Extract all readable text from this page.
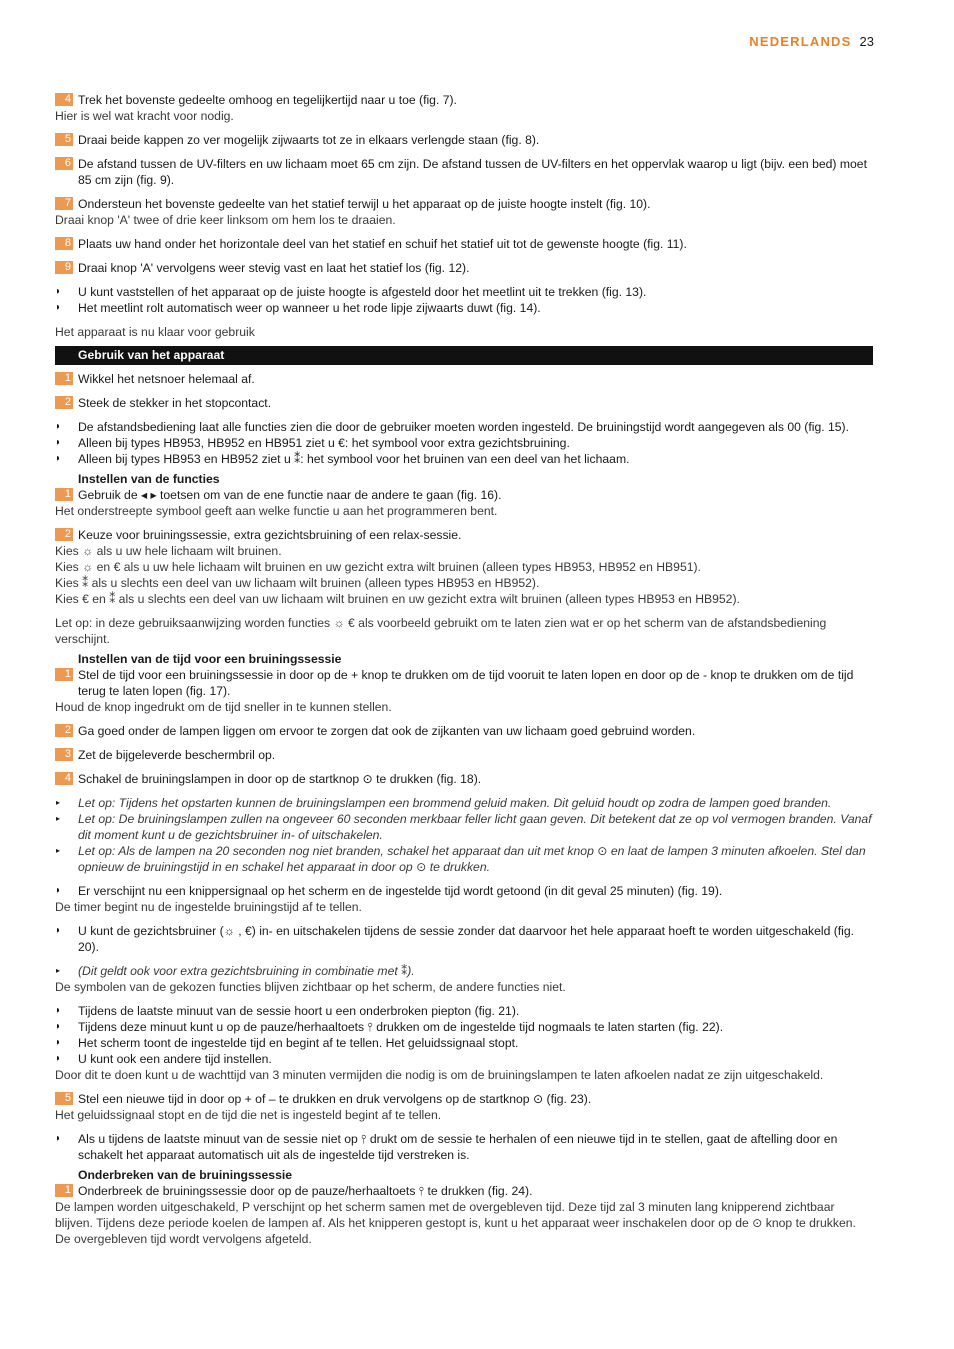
NEDERLANDS 23
4 Trek het bovenste gedeelte omhoog en tegelijkertijd naar u toe (fig. 7).
Hier is wel wat kracht voor nodig.
5 Draai beide kappen zo ver mogelijk zijwaarts tot ze in elkaars verlengde staan (fig. 8).
6 De afstand tussen de UV-filters en uw lichaam moet 65 cm zijn. De afstand tussen de UV-filters en het oppervlak waarop u ligt (bijv. een bed) moet 85 cm zijn (fig. 9).
7 Ondersteun het bovenste gedeelte van het statief terwijl u het apparaat op de juiste hoogte instelt (fig. 10).
Draai knop 'A' twee of drie keer linksom om hem los te draaien.
8 Plaats uw hand onder het horizontale deel van het statief en schuif het statief uit tot de gewenste hoogte (fig. 11).
9 Draai knop 'A' vervolgens weer stevig vast en laat het statief los (fig. 12).
◗ U kunt vaststellen of het apparaat op de juiste hoogte is afgesteld door het meetlint uit te trekken (fig. 13).
◗ Het meetlint rolt automatisch weer op wanneer u het rode lipje zijwaarts duwt (fig. 14).
Het apparaat is nu klaar voor gebruik
Gebruik van het apparaat
1 Wikkel het netsnoer helemaal af.
2 Steek de stekker in het stopcontact.
◗ De afstandsbediening laat alle functies zien die door de gebruiker moeten worden ingesteld. De bruiningstijd wordt aangegeven als 00 (fig. 15).
◗ Alleen bij types HB953, HB952 en HB951 ziet u €: het symbool voor extra gezichtsbruining.
◗ Alleen bij types HB953 en HB952 ziet u ⁑: het symbool voor het bruinen van een deel van het lichaam.
Instellen van de functies
1 Gebruik de ◂ ▸ toetsen om van de ene functie naar de andere te gaan (fig. 16).
Het onderstreepte symbool geeft aan welke functie u aan het programmeren bent.
2 Keuze voor bruiningssessie, extra gezichtsbruining of een relax-sessie.
Kies ☼ als u uw hele lichaam wilt bruinen.
Kies ☼ en € als u uw hele lichaam wilt bruinen en uw gezicht extra wilt bruinen (alleen types HB953, HB952 en HB951).
Kies ⁑ als u slechts een deel van uw lichaam wilt bruinen (alleen types HB953 en HB952).
Kies € en ⁑ als u slechts een deel van uw lichaam wilt bruinen en uw gezicht extra wilt bruinen (alleen types HB953 en HB952).
Let op: in deze gebruiksaanwijzing worden functies ☼ € als voorbeeld gebruikt om te laten zien wat er op het scherm van de afstandsbediening verschijnt.
Instellen van de tijd voor een bruiningssessie
1 Stel de tijd voor een bruiningssessie in door op de + knop te drukken om de tijd vooruit te laten lopen en door op de - knop te drukken om de tijd terug te laten lopen (fig. 17).
Houd de knop ingedrukt om de tijd sneller in te kunnen stellen.
2 Ga goed onder de lampen liggen om ervoor te zorgen dat ook de zijkanten van uw lichaam goed gebruind worden.
3 Zet de bijgeleverde beschermbril op.
4 Schakel de bruiningslampen in door op de startknop ⊙ te drukken (fig. 18).
▸ Let op: Tijdens het opstarten kunnen de bruiningslampen een brommend geluid maken. Dit geluid houdt op zodra de lampen goed branden.
▸ Let op: De bruiningslampen zullen na ongeveer 60 seconden merkbaar feller licht gaan geven. Dit betekent dat ze op vol vermogen branden. Vanaf dit moment kunt u de gezichtsbruiner in- of uitschakelen.
▸ Let op: Als de lampen na 20 seconden nog niet branden, schakel het apparaat dan uit met knop ⊙ en laat de lampen 3 minuten afkoelen. Stel dan opnieuw de bruiningstijd in en schakel het apparaat in door op ⊙ te drukken.
◗ Er verschijnt nu een knippersignaal op het scherm en de ingestelde tijd wordt getoond (in dit geval 25 minuten) (fig. 19).
De timer begint nu de ingestelde bruiningstijd af te tellen.
◗ U kunt de gezichtsbruiner (☼ , €) in- en uitschakelen tijdens de sessie zonder dat daarvoor het hele apparaat hoeft te worden uitgeschakeld (fig. 20).
▸ (Dit geldt ook voor extra gezichtsbruining in combinatie met ⁑).
De symbolen van de gekozen functies blijven zichtbaar op het scherm, de andere functies niet.
◗ Tijdens de laatste minuut van de sessie hoort u een onderbroken piepton (fig. 21).
◗ Tijdens deze minuut kunt u op de pauze/herhaaltoets ⫯ drukken om de ingestelde tijd nogmaals te laten starten (fig. 22).
◗ Het scherm toont de ingestelde tijd en begint af te tellen. Het geluidssignaal stopt.
◗ U kunt ook een andere tijd instellen.
Door dit te doen kunt u de wachttijd van 3 minuten vermijden die nodig is om de bruiningslampen te laten afkoelen nadat ze zijn uitgeschakeld.
5 Stel een nieuwe tijd in door op + of – te drukken en druk vervolgens op de startknop ⊙ (fig. 23).
Het geluidssignaal stopt en de tijd die net is ingesteld begint af te tellen.
◗ Als u tijdens de laatste minuut van de sessie niet op ⫯ drukt om de sessie te herhalen of een nieuwe tijd in te stellen, gaat de aftelling door en schakelt het apparaat automatisch uit als de ingestelde tijd verstreken is.
Onderbreken van de bruiningssessie
1 Onderbreek de bruiningssessie door op de pauze/herhaaltoets ⫯ te drukken (fig. 24).
De lampen worden uitgeschakeld, P verschijnt op het scherm samen met de overgebleven tijd. Deze tijd zal 3 minuten lang knipperend zichtbaar blijven. Tijdens deze periode koelen de lampen af. Als het knipperen gestopt is, kunt u het apparaat weer inschakelen door op de ⊙ knop te drukken. De overgebleven tijd wordt vervolgens afgeteld.
